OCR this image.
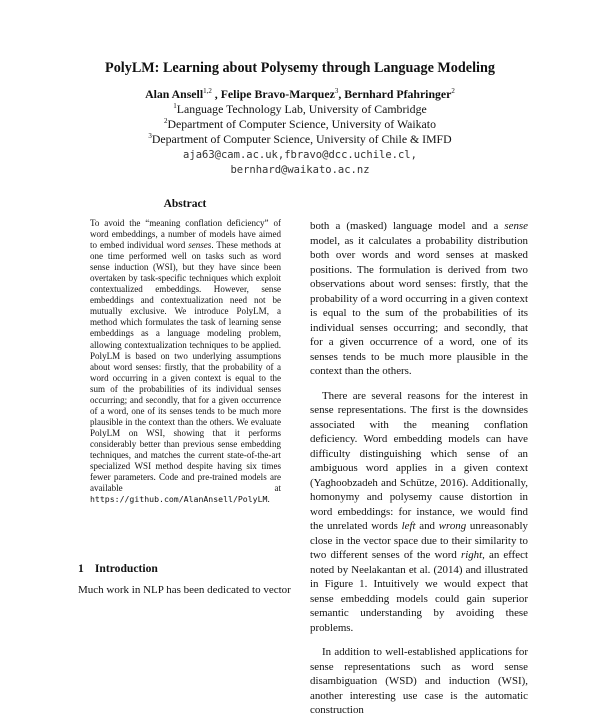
PolyLM: Learning about Polysemy through Language Modeling
Alan Ansell$^{1,2}$ , Felipe Bravo-Marquez$^3$, Bernhard Pfahringer$^2$
$^1$Language Technology Lab, University of Cambridge
$^2$Department of Computer Science, University of Waikato
$^3$Department of Computer Science, University of Chile & IMFD
aja63@cam.ac.uk,fbravo@dcc.uchile.cl,
bernhard@waikato.ac.nz
Abstract
To avoid the “meaning conflation deficiency” of word embeddings, a number of models have aimed to embed individual word senses. These methods at one time performed well on tasks such as word sense induction (WSI), but they have since been overtaken by task-specific techniques which exploit contextualized embeddings. However, sense embeddings and contextualization need not be mutually exclusive. We introduce PolyLM, a method which formulates the task of learning sense embeddings as a language modeling problem, allowing contextualization techniques to be applied. PolyLM is based on two underlying assumptions about word senses: firstly, that the probability of a word occurring in a given context is equal to the sum of the probabilities of its individual senses occurring; and secondly, that for a given occurrence of a word, one of its senses tends to be much more plausible in the context than the others. We evaluate PolyLM on WSI, showing that it performs considerably better than previous sense embedding techniques, and matches the current state-of-the-art specialized WSI method despite having six times fewer parameters. Code and pre-trained models are available at https://github.com/AlanAnsell/PolyLM.
1 Introduction
Much work in NLP has been dedicated to vector

both a (masked) language model and a sense model, as it calculates a probability distribution both over words and word senses at masked positions. The formulation is derived from two observations about word senses: firstly, that the probability of a word occurring in a given context is equal to the sum of the probabilities of its individual senses occurring; and secondly, that for a given occurrence of a word, one of its senses tends to be much more plausible in the context than the others.

There are several reasons for the interest in sense representations. The first is the downsides associated with the meaning conflation deficiency. Word embedding models can have difficulty distinguishing which sense of an ambiguous word applies in a given context (Yaghoobzadeh and Schütze, 2016). Additionally, homonymy and polysemy cause distortion in word embeddings: for instance, we would find the unrelated words left and wrong unreasonably close in the vector space due to their similarity to two different senses of the word right, an effect noted by Neelakantan et al. (2014) and illustrated in Figure 1. Intuitively we would expect that sense embedding models could gain superior semantic understanding by avoiding these problems.

In addition to well-established applications for sense representations such as word sense disambiguation (WSD) and induction (WSI), another interesting use case is the automatic construction
